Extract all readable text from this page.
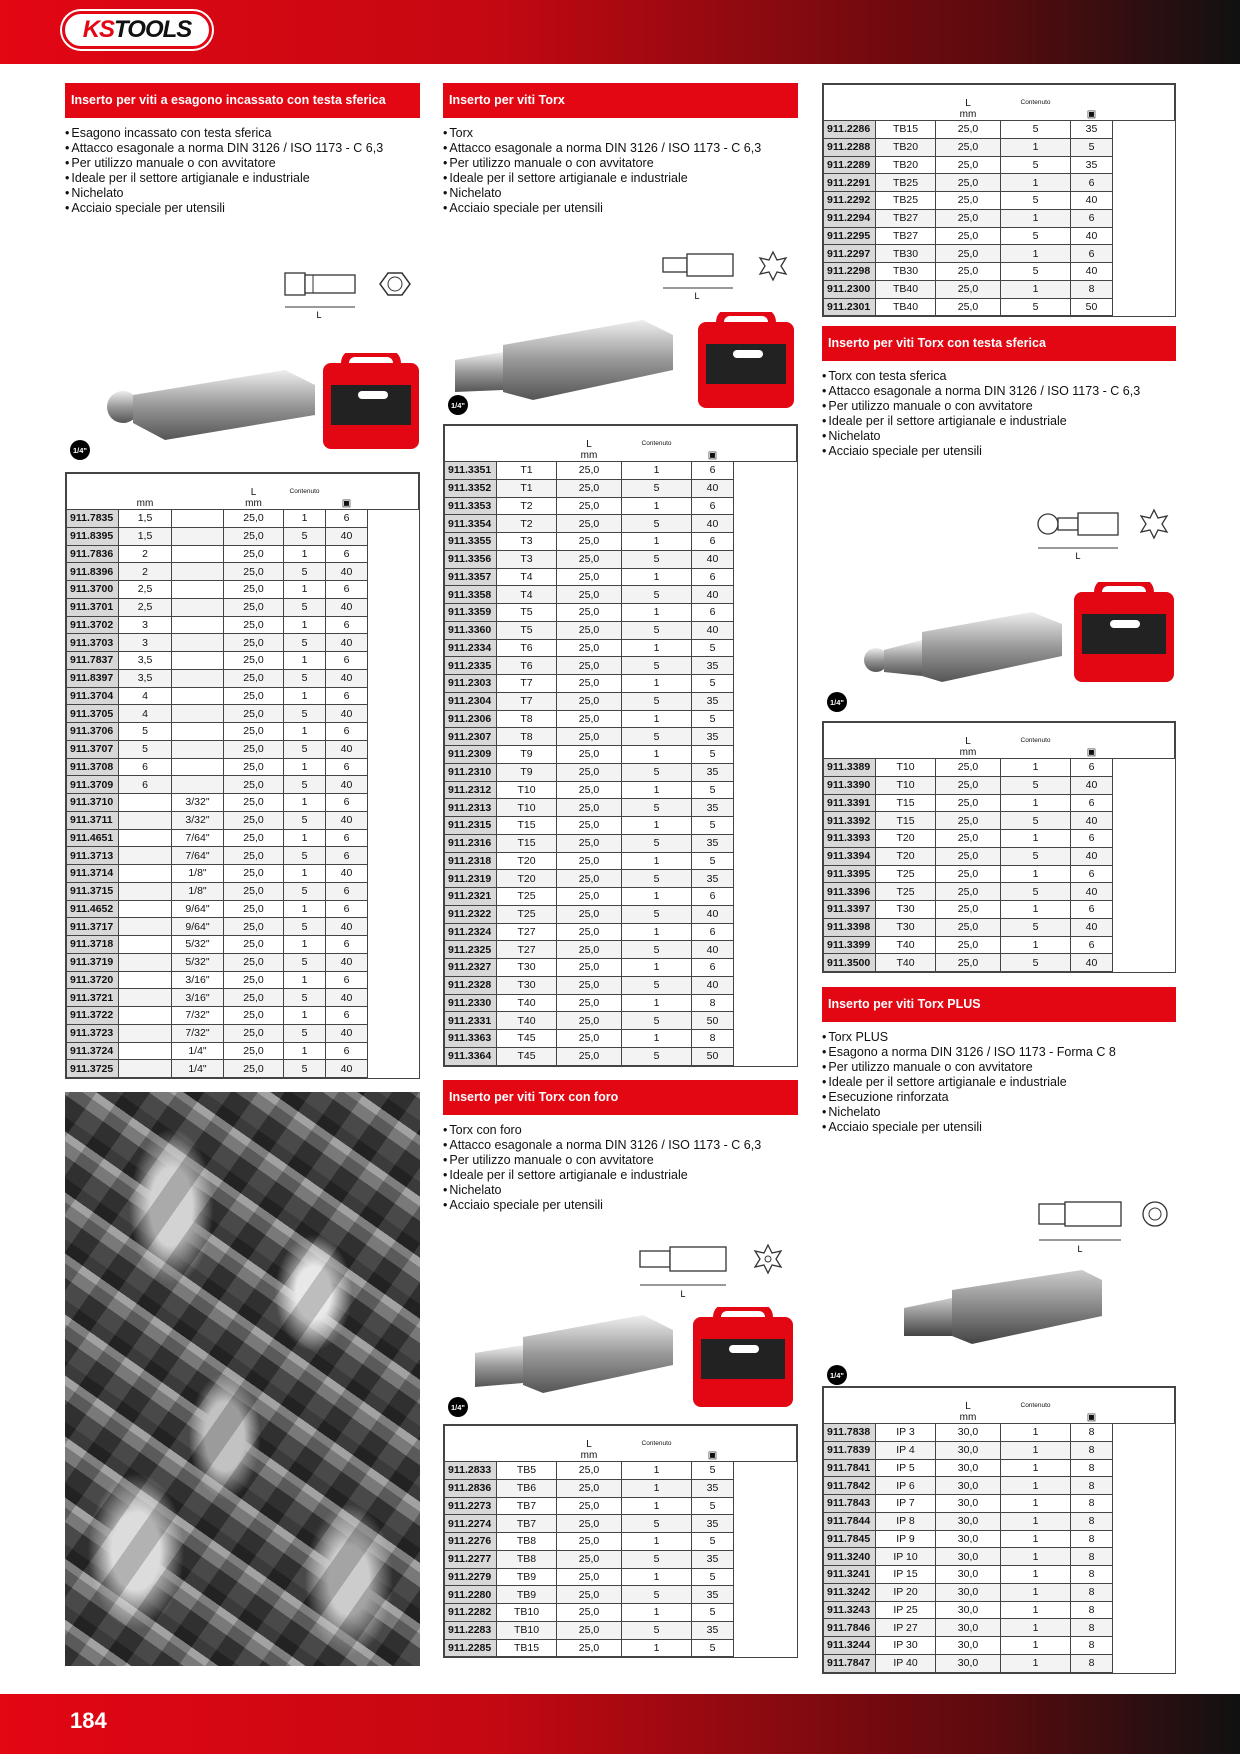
KSTOOLS
Inserto per viti a esagono incassato con testa sferica
• Esagono incassato con testa sferica
• Attacco esagonale a norma DIN 3126 / ISO 1173 - C 6,3
• Per utilizzo manuale o con avvitatore
• Ideale per il settore artigianale e industriale
• Nichelato
• Acciaio speciale per utensili
L
1/4"
	mm		L
mm	Contenuto	▣	
911.7835	1,5		25,0	1	6	
911.8395	1,5		25,0	5	40	
911.7836	2		25,0	1	6	
911.8396	2		25,0	5	40	
911.3700	2,5		25,0	1	6	
911.3701	2,5		25,0	5	40	
911.3702	3		25,0	1	6	
911.3703	3		25,0	5	40	
911.7837	3,5		25,0	1	6	
911.8397	3,5		25,0	5	40	
911.3704	4		25,0	1	6	
911.3705	4		25,0	5	40	
911.3706	5		25,0	1	6	
911.3707	5		25,0	5	40	
911.3708	6		25,0	1	6	
911.3709	6		25,0	5	40	
911.3710		3/32"	25,0	1	6	
911.3711		3/32"	25,0	5	40	
911.4651		7/64"	25,0	1	6	
911.3713		7/64"	25,0	5	6	
911.3714		1/8"	25,0	1	40	
911.3715		1/8"	25,0	5	6	
911.4652		9/64"	25,0	1	6	
911.3717		9/64"	25,0	5	40	
911.3718		5/32"	25,0	1	6	
911.3719		5/32"	25,0	5	40	
911.3720		3/16"	25,0	1	6	
911.3721		3/16"	25,0	5	40	
911.3722		7/32"	25,0	1	6	
911.3723		7/32"	25,0	5	40	
911.3724		1/4"	25,0	1	6	
911.3725		1/4"	25,0	5	40	
Inserto per viti Torx
• Torx
• Attacco esagonale a norma DIN 3126 / ISO 1173 - C 6,3
• Per utilizzo manuale o con avvitatore
• Ideale per il settore artigianale e industriale
• Nichelato
• Acciaio speciale per utensili
L
1/4"
		L
mm	Contenuto	▣	
911.3351	T1	25,0	1	6	
911.3352	T1	25,0	5	40	
911.3353	T2	25,0	1	6	
911.3354	T2	25,0	5	40	
911.3355	T3	25,0	1	6	
911.3356	T3	25,0	5	40	
911.3357	T4	25,0	1	6	
911.3358	T4	25,0	5	40	
911.3359	T5	25,0	1	6	
911.3360	T5	25,0	5	40	
911.2334	T6	25,0	1	5	
911.2335	T6	25,0	5	35	
911.2303	T7	25,0	1	5	
911.2304	T7	25,0	5	35	
911.2306	T8	25,0	1	5	
911.2307	T8	25,0	5	35	
911.2309	T9	25,0	1	5	
911.2310	T9	25,0	5	35	
911.2312	T10	25,0	1	5	
911.2313	T10	25,0	5	35	
911.2315	T15	25,0	1	5	
911.2316	T15	25,0	5	35	
911.2318	T20	25,0	1	5	
911.2319	T20	25,0	5	35	
911.2321	T25	25,0	1	6	
911.2322	T25	25,0	5	40	
911.2324	T27	25,0	1	6	
911.2325	T27	25,0	5	40	
911.2327	T30	25,0	1	6	
911.2328	T30	25,0	5	40	
911.2330	T40	25,0	1	8	
911.2331	T40	25,0	5	50	
911.3363	T45	25,0	1	8	
911.3364	T45	25,0	5	50	
Inserto per viti Torx con foro
• Torx con foro
• Attacco esagonale a norma DIN 3126 / ISO 1173 - C 6,3
• Per utilizzo manuale o con avvitatore
• Ideale per il settore artigianale e industriale
• Nichelato
• Acciaio speciale per utensili
L
1/4"
		L
mm	Contenuto	▣	
911.2833	TB5	25,0	1	5	
911.2836	TB6	25,0	1	35	
911.2273	TB7	25,0	1	5	
911.2274	TB7	25,0	5	35	
911.2276	TB8	25,0	1	5	
911.2277	TB8	25,0	5	35	
911.2279	TB9	25,0	1	5	
911.2280	TB9	25,0	5	35	
911.2282	TB10	25,0	1	5	
911.2283	TB10	25,0	5	35	
911.2285	TB15	25,0	1	5	
		L
mm	Contenuto	▣	
911.2286	TB15	25,0	5	35	
911.2288	TB20	25,0	1	5	
911.2289	TB20	25,0	5	35	
911.2291	TB25	25,0	1	6	
911.2292	TB25	25,0	5	40	
911.2294	TB27	25,0	1	6	
911.2295	TB27	25,0	5	40	
911.2297	TB30	25,0	1	6	
911.2298	TB30	25,0	5	40	
911.2300	TB40	25,0	1	8	
911.2301	TB40	25,0	5	50	
Inserto per viti Torx con testa sferica
• Torx con testa sferica
• Attacco esagonale a norma DIN 3126 / ISO 1173 - C 6,3
• Per utilizzo manuale o con avvitatore
• Ideale per il settore artigianale e industriale
• Nichelato
• Acciaio speciale per utensili
L
1/4"
		L
mm	Contenuto	▣	
911.3389	T10	25,0	1	6	
911.3390	T10	25,0	5	40	
911.3391	T15	25,0	1	6	
911.3392	T15	25,0	5	40	
911.3393	T20	25,0	1	6	
911.3394	T20	25,0	5	40	
911.3395	T25	25,0	1	6	
911.3396	T25	25,0	5	40	
911.3397	T30	25,0	1	6	
911.3398	T30	25,0	5	40	
911.3399	T40	25,0	1	6	
911.3500	T40	25,0	5	40	
Inserto per viti Torx PLUS
• Torx PLUS
• Esagono a norma DIN 3126 / ISO 1173 - Forma C 8
• Per utilizzo manuale o con avvitatore
• Ideale per il settore artigianale e industriale
• Esecuzione rinforzata
• Nichelato
• Acciaio speciale per utensili
L
1/4"
		L
mm	Contenuto	▣	
911.7838	IP 3	30,0	1	8	
911.7839	IP 4	30,0	1	8	
911.7841	IP 5	30,0	1	8	
911.7842	IP 6	30,0	1	8	
911.7843	IP 7	30,0	1	8	
911.7844	IP 8	30,0	1	8	
911.7845	IP 9	30,0	1	8	
911.3240	IP 10	30,0	1	8	
911.3241	IP 15	30,0	1	8	
911.3242	IP 20	30,0	1	8	
911.3243	IP 25	30,0	1	8	
911.7846	IP 27	30,0	1	8	
911.3244	IP 30	30,0	1	8	
911.7847	IP 40	30,0	1	8	
184
